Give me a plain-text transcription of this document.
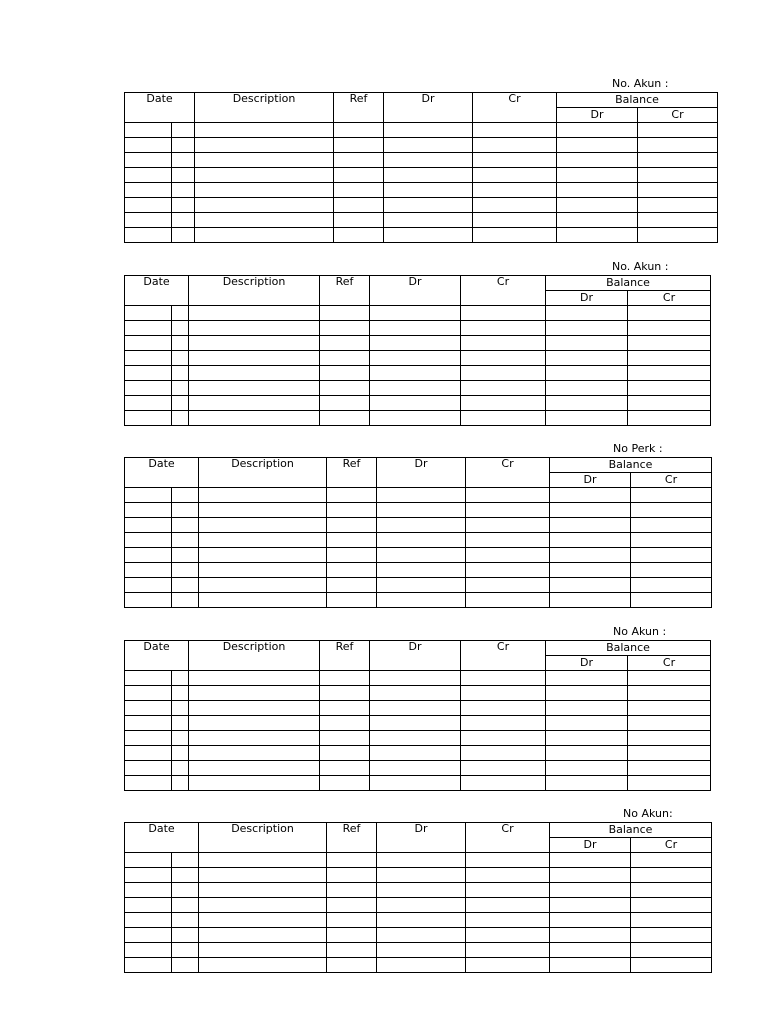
No. Akun :
Date		Description	Ref	Dr	Cr	Balance	
						Dr	Cr

No. Akun :
Date		Description	Ref	Dr	Cr	Balance	
						Dr	Cr

No Perk :
Date		Description	Ref	Dr	Cr	Balance	
						Dr	Cr

No Akun :
Date		Description	Ref	Dr	Cr	Balance	
						Dr	Cr

No Akun:
Date		Description	Ref	Dr	Cr	Balance	
						Dr	Cr
